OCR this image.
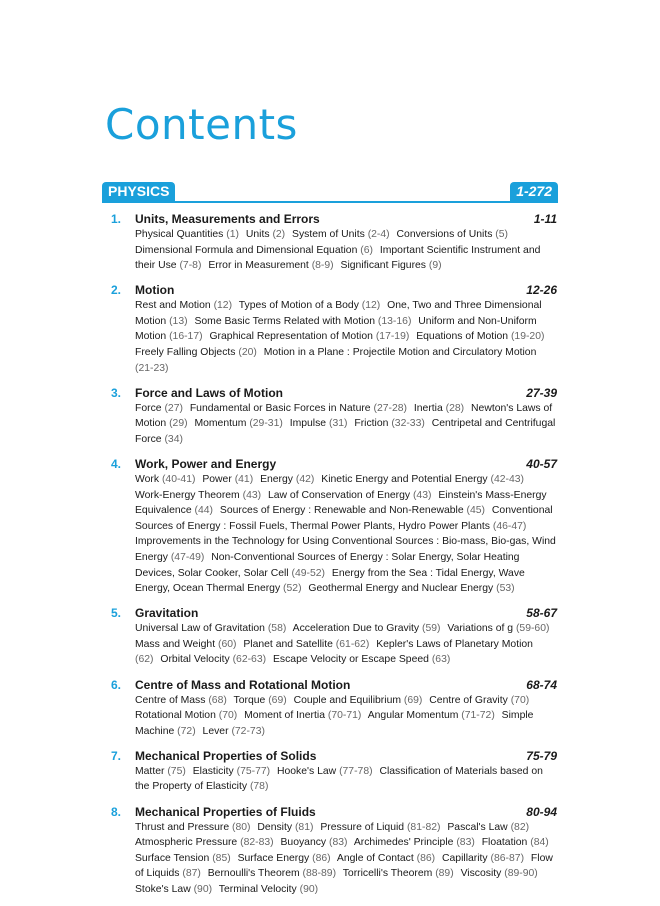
Contents
PHYSICS	1-272
1.	Units, Measurements and Errors	1-11
Physical Quantities (1) Units (2) System of Units (2-4) Conversions of Units (5) Dimensional Formula and Dimensional Equation (6) Important Scientific Instrument and their Use (7-8) Error in Measurement (8-9) Significant Figures (9)
2.	Motion	12-26
Rest and Motion (12) Types of Motion of a Body (12) One, Two and Three Dimensional Motion (13) Some Basic Terms Related with Motion (13-16) Uniform and Non-Uniform Motion (16-17) Graphical Representation of Motion (17-19) Equations of Motion (19-20) Freely Falling Objects (20) Motion in a Plane : Projectile Motion and Circulatory Motion (21-23)
3.	Force and Laws of Motion	27-39
Force (27) Fundamental or Basic Forces in Nature (27-28) Inertia (28) Newton's Laws of Motion (29) Momentum (29-31) Impulse (31) Friction (32-33) Centripetal and Centrifugal Force (34)
4.	Work, Power and Energy	40-57
Work (40-41) Power (41) Energy (42) Kinetic Energy and Potential Energy (42-43) Work-Energy Theorem (43) Law of Conservation of Energy (43) Einstein's Mass-Energy Equivalence (44) Sources of Energy : Renewable and Non-Renewable (45) Conventional Sources of Energy : Fossil Fuels, Thermal Power Plants, Hydro Power Plants (46-47) Improvements in the Technology for Using Conventional Sources : Bio-mass, Bio-gas, Wind Energy (47-49) Non-Conventional Sources of Energy : Solar Energy, Solar Heating Devices, Solar Cooker, Solar Cell (49-52) Energy from the Sea : Tidal Energy, Wave Energy, Ocean Thermal Energy (52) Geothermal Energy and Nuclear Energy (53)
5.	Gravitation	58-67
Universal Law of Gravitation (58) Acceleration Due to Gravity (59) Variations of g (59-60) Mass and Weight (60) Planet and Satellite (61-62) Kepler's Laws of Planetary Motion (62) Orbital Velocity (62-63) Escape Velocity or Escape Speed (63)
6.	Centre of Mass and Rotational Motion	68-74
Centre of Mass (68) Torque (69) Couple and Equilibrium (69) Centre of Gravity (70) Rotational Motion (70) Moment of Inertia (70-71) Angular Momentum (71-72) Simple Machine (72) Lever (72-73)
7.	Mechanical Properties of Solids	75-79
Matter (75) Elasticity (75-77) Hooke's Law (77-78) Classification of Materials based on the Property of Elasticity (78)
8.	Mechanical Properties of Fluids	80-94
Thrust and Pressure (80) Density (81) Pressure of Liquid (81-82) Pascal's Law (82) Atmospheric Pressure (82-83) Buoyancy (83) Archimedes' Principle (83) Floatation (84) Surface Tension (85) Surface Energy (86) Angle of Contact (86) Capillarity (86-87) Flow of Liquids (87) Bernoulli's Theorem (88-89) Torricelli's Theorem (89) Viscosity (89-90) Stoke's Law (90) Terminal Velocity (90)
